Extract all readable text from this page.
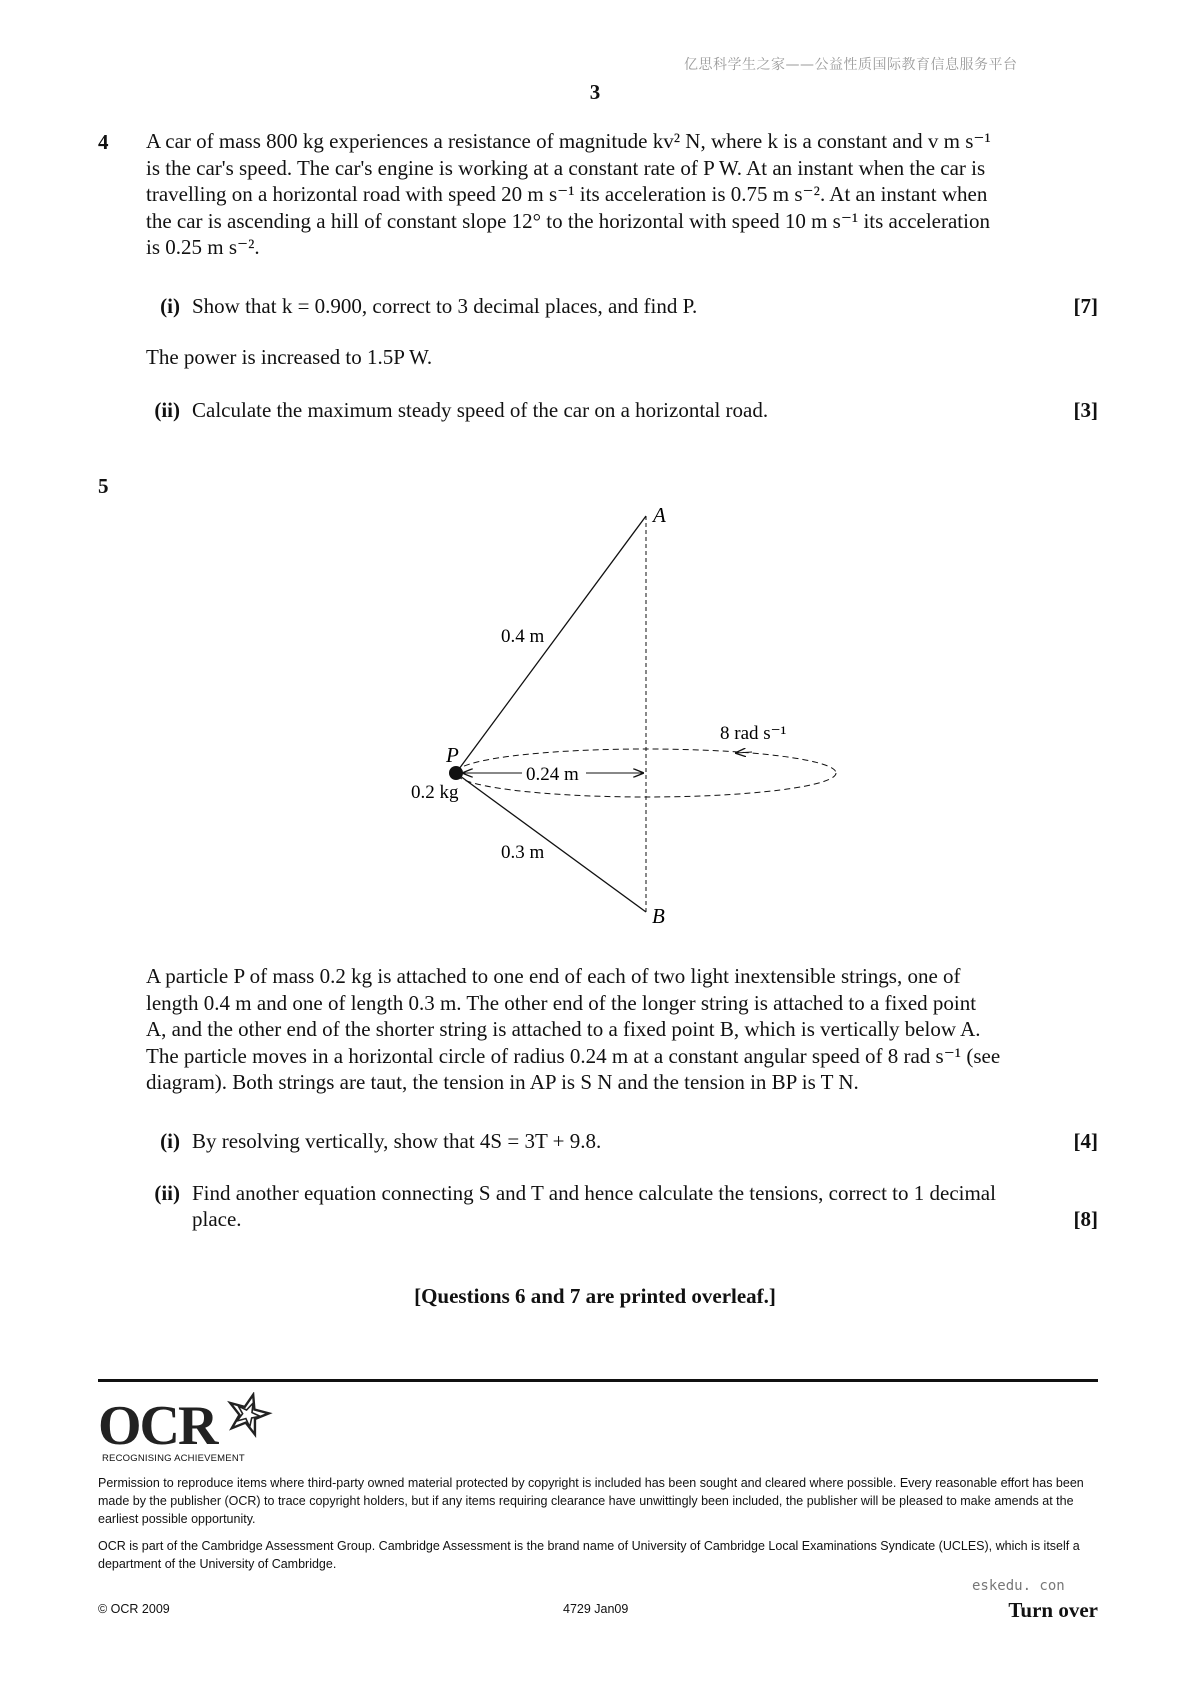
亿思科学生之家——公益性质国际教育信息服务平台
3
4 A car of mass 800 kg experiences a resistance of magnitude kv² N, where k is a constant and v m s⁻¹
is the car's speed. The car's engine is working at a constant rate of P W. At an instant when the car is
travelling on a horizontal road with speed 20 m s⁻¹ its acceleration is 0.75 m s⁻². At an instant when
the car is ascending a hill of constant slope 12° to the horizontal with speed 10 m s⁻¹ its acceleration
is 0.25 m s⁻².
(i) Show that k = 0.900, correct to 3 decimal places, and find P.	[7]
The power is increased to 1.5P W.
(ii) Calculate the maximum steady speed of the car on a horizontal road.	[3]
5
A
B
P
0.2 kg
0.4 m
0.3 m
0.24 m
8 rad s⁻¹
A particle P of mass 0.2 kg is attached to one end of each of two light inextensible strings, one of
length 0.4 m and one of length 0.3 m. The other end of the longer string is attached to a fixed point
A, and the other end of the shorter string is attached to a fixed point B, which is vertically below A.
The particle moves in a horizontal circle of radius 0.24 m at a constant angular speed of 8 rad s⁻¹ (see
diagram). Both strings are taut, the tension in AP is S N and the tension in BP is T N.
(i) By resolving vertically, show that 4S = 3T + 9.8.	[4]
(ii) Find another equation connecting S and T and hence calculate the tensions, correct to 1 decimal
place.	[8]
[Questions 6 and 7 are printed overleaf.]
OCR
RECOGNISING ACHIEVEMENT
Permission to reproduce items where third-party owned material protected by copyright is included has been sought and cleared where possible. Every reasonable effort has been made by the publisher (OCR) to trace copyright holders, but if any items requiring clearance have unwittingly been included, the publisher will be pleased to make amends at the earliest possible opportunity.
OCR is part of the Cambridge Assessment Group. Cambridge Assessment is the brand name of University of Cambridge Local Examinations Syndicate (UCLES), which is itself a department of the University of Cambridge.
eskedu. con
© OCR 2009	4729 Jan09	Turn over
